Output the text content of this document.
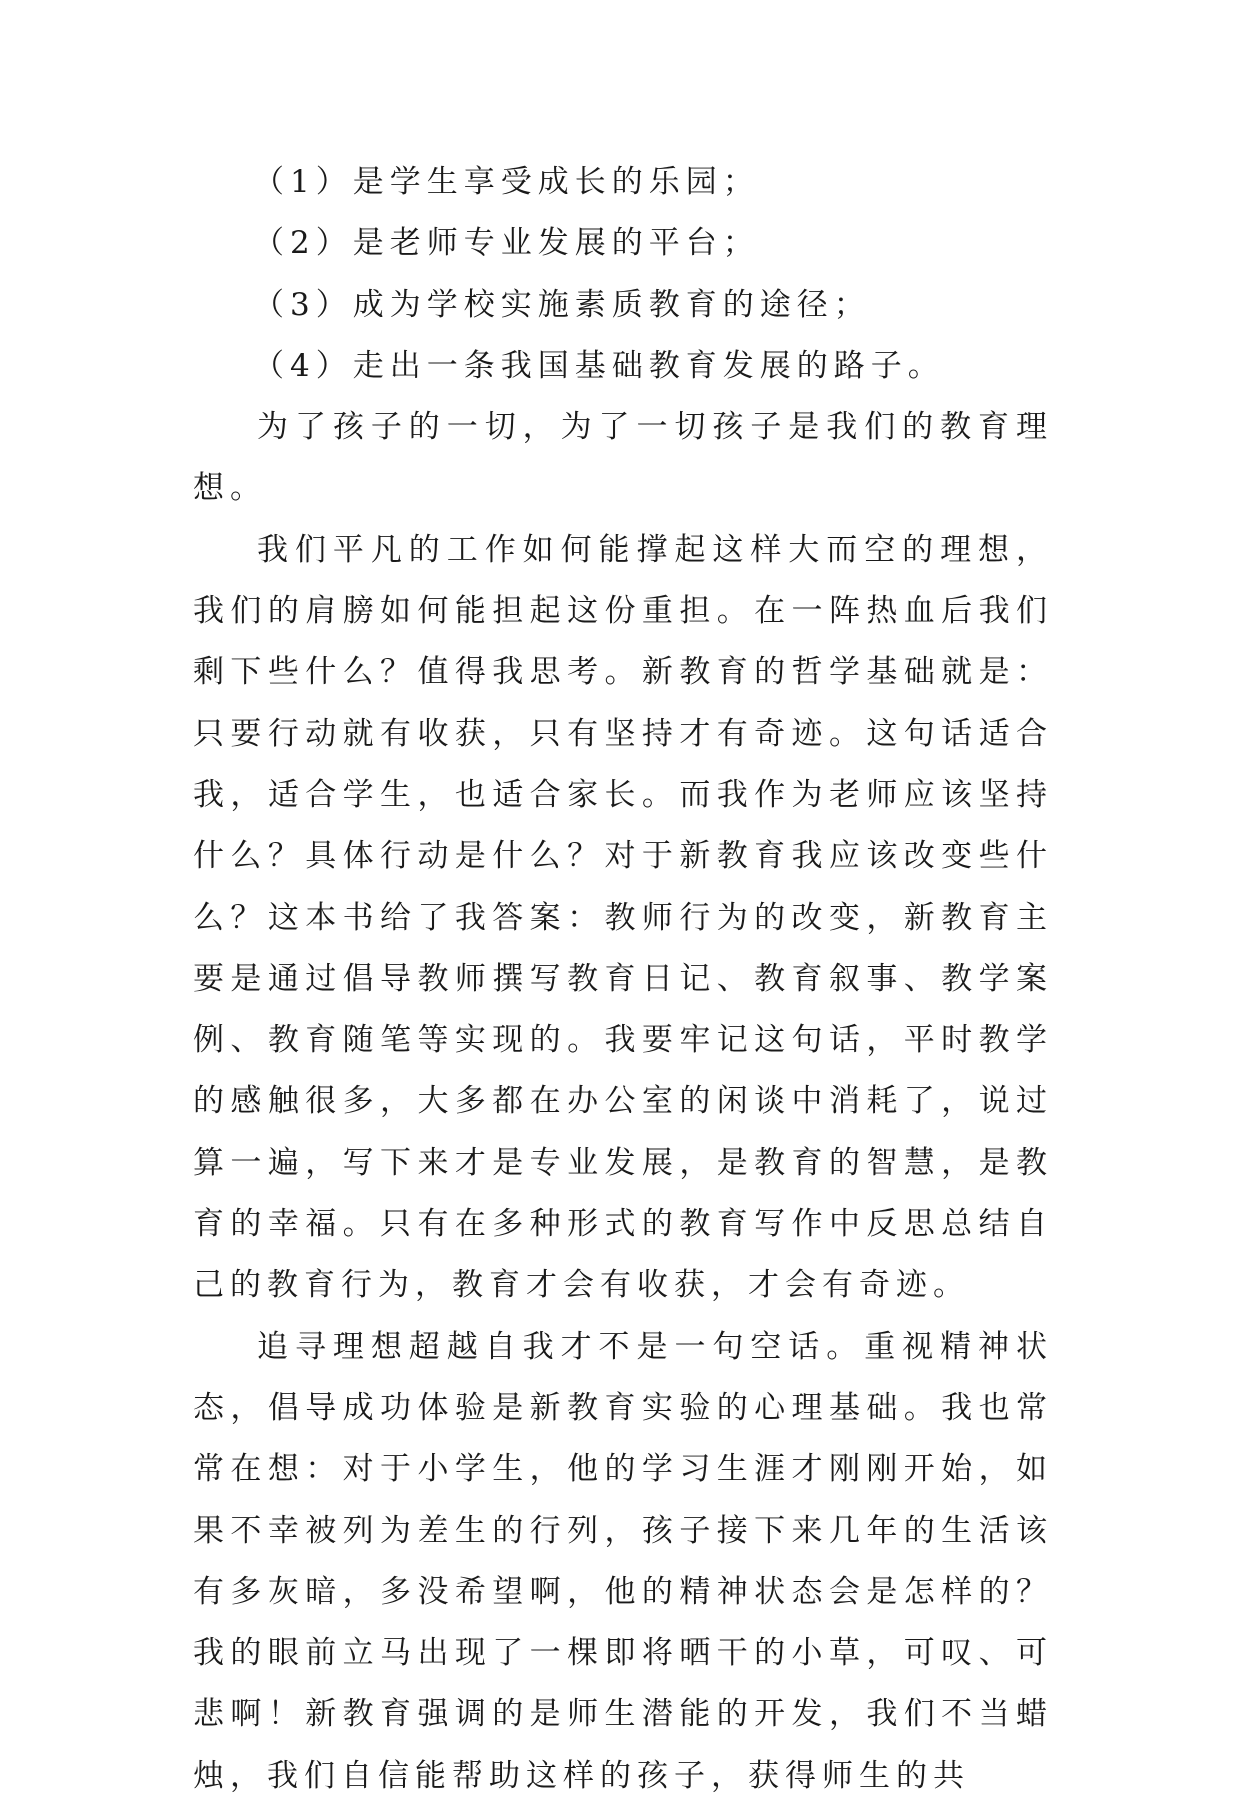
（1）是学生享受成长的乐园；

（2）是老师专业发展的平台；

（3）成为学校实施素质教育的途径；

（4）走出一条我国基础教育发展的路子。

为了孩子的一切，为了一切孩子是我们的教育理想。

我们平凡的工作如何能撑起这样大而空的理想，我们的肩膀如何能担起这份重担。在一阵热血后我们剩下些什么？值得我思考。新教育的哲学基础就是：只要行动就有收获，只有坚持才有奇迹。这句话适合我，适合学生，也适合家长。而我作为老师应该坚持什么？具体行动是什么？对于新教育我应该改变些什么？这本书给了我答案：教师行为的改变，新教育主要是通过倡导教师撰写教育日记、教育叙事、教学案例、教育随笔等实现的。我要牢记这句话，平时教学的感触很多，大多都在办公室的闲谈中消耗了，说过算一遍，写下来才是专业发展，是教育的智慧，是教育的幸福。只有在多种形式的教育写作中反思总结自己的教育行为，教育才会有收获，才会有奇迹。

追寻理想超越自我才不是一句空话。重视精神状态，倡导成功体验是新教育实验的心理基础。我也常常在想：对于小学生，他的学习生涯才刚刚开始，如果不幸被列为差生的行列，孩子接下来几年的生活该有多灰暗，多没希望啊，他的精神状态会是怎样的？我的眼前立马出现了一棵即将晒干的小草，可叹、可悲啊！新教育强调的是师生潜能的开发，我们不当蜡烛，我们自信能帮助这样的孩子，获得师生的共
